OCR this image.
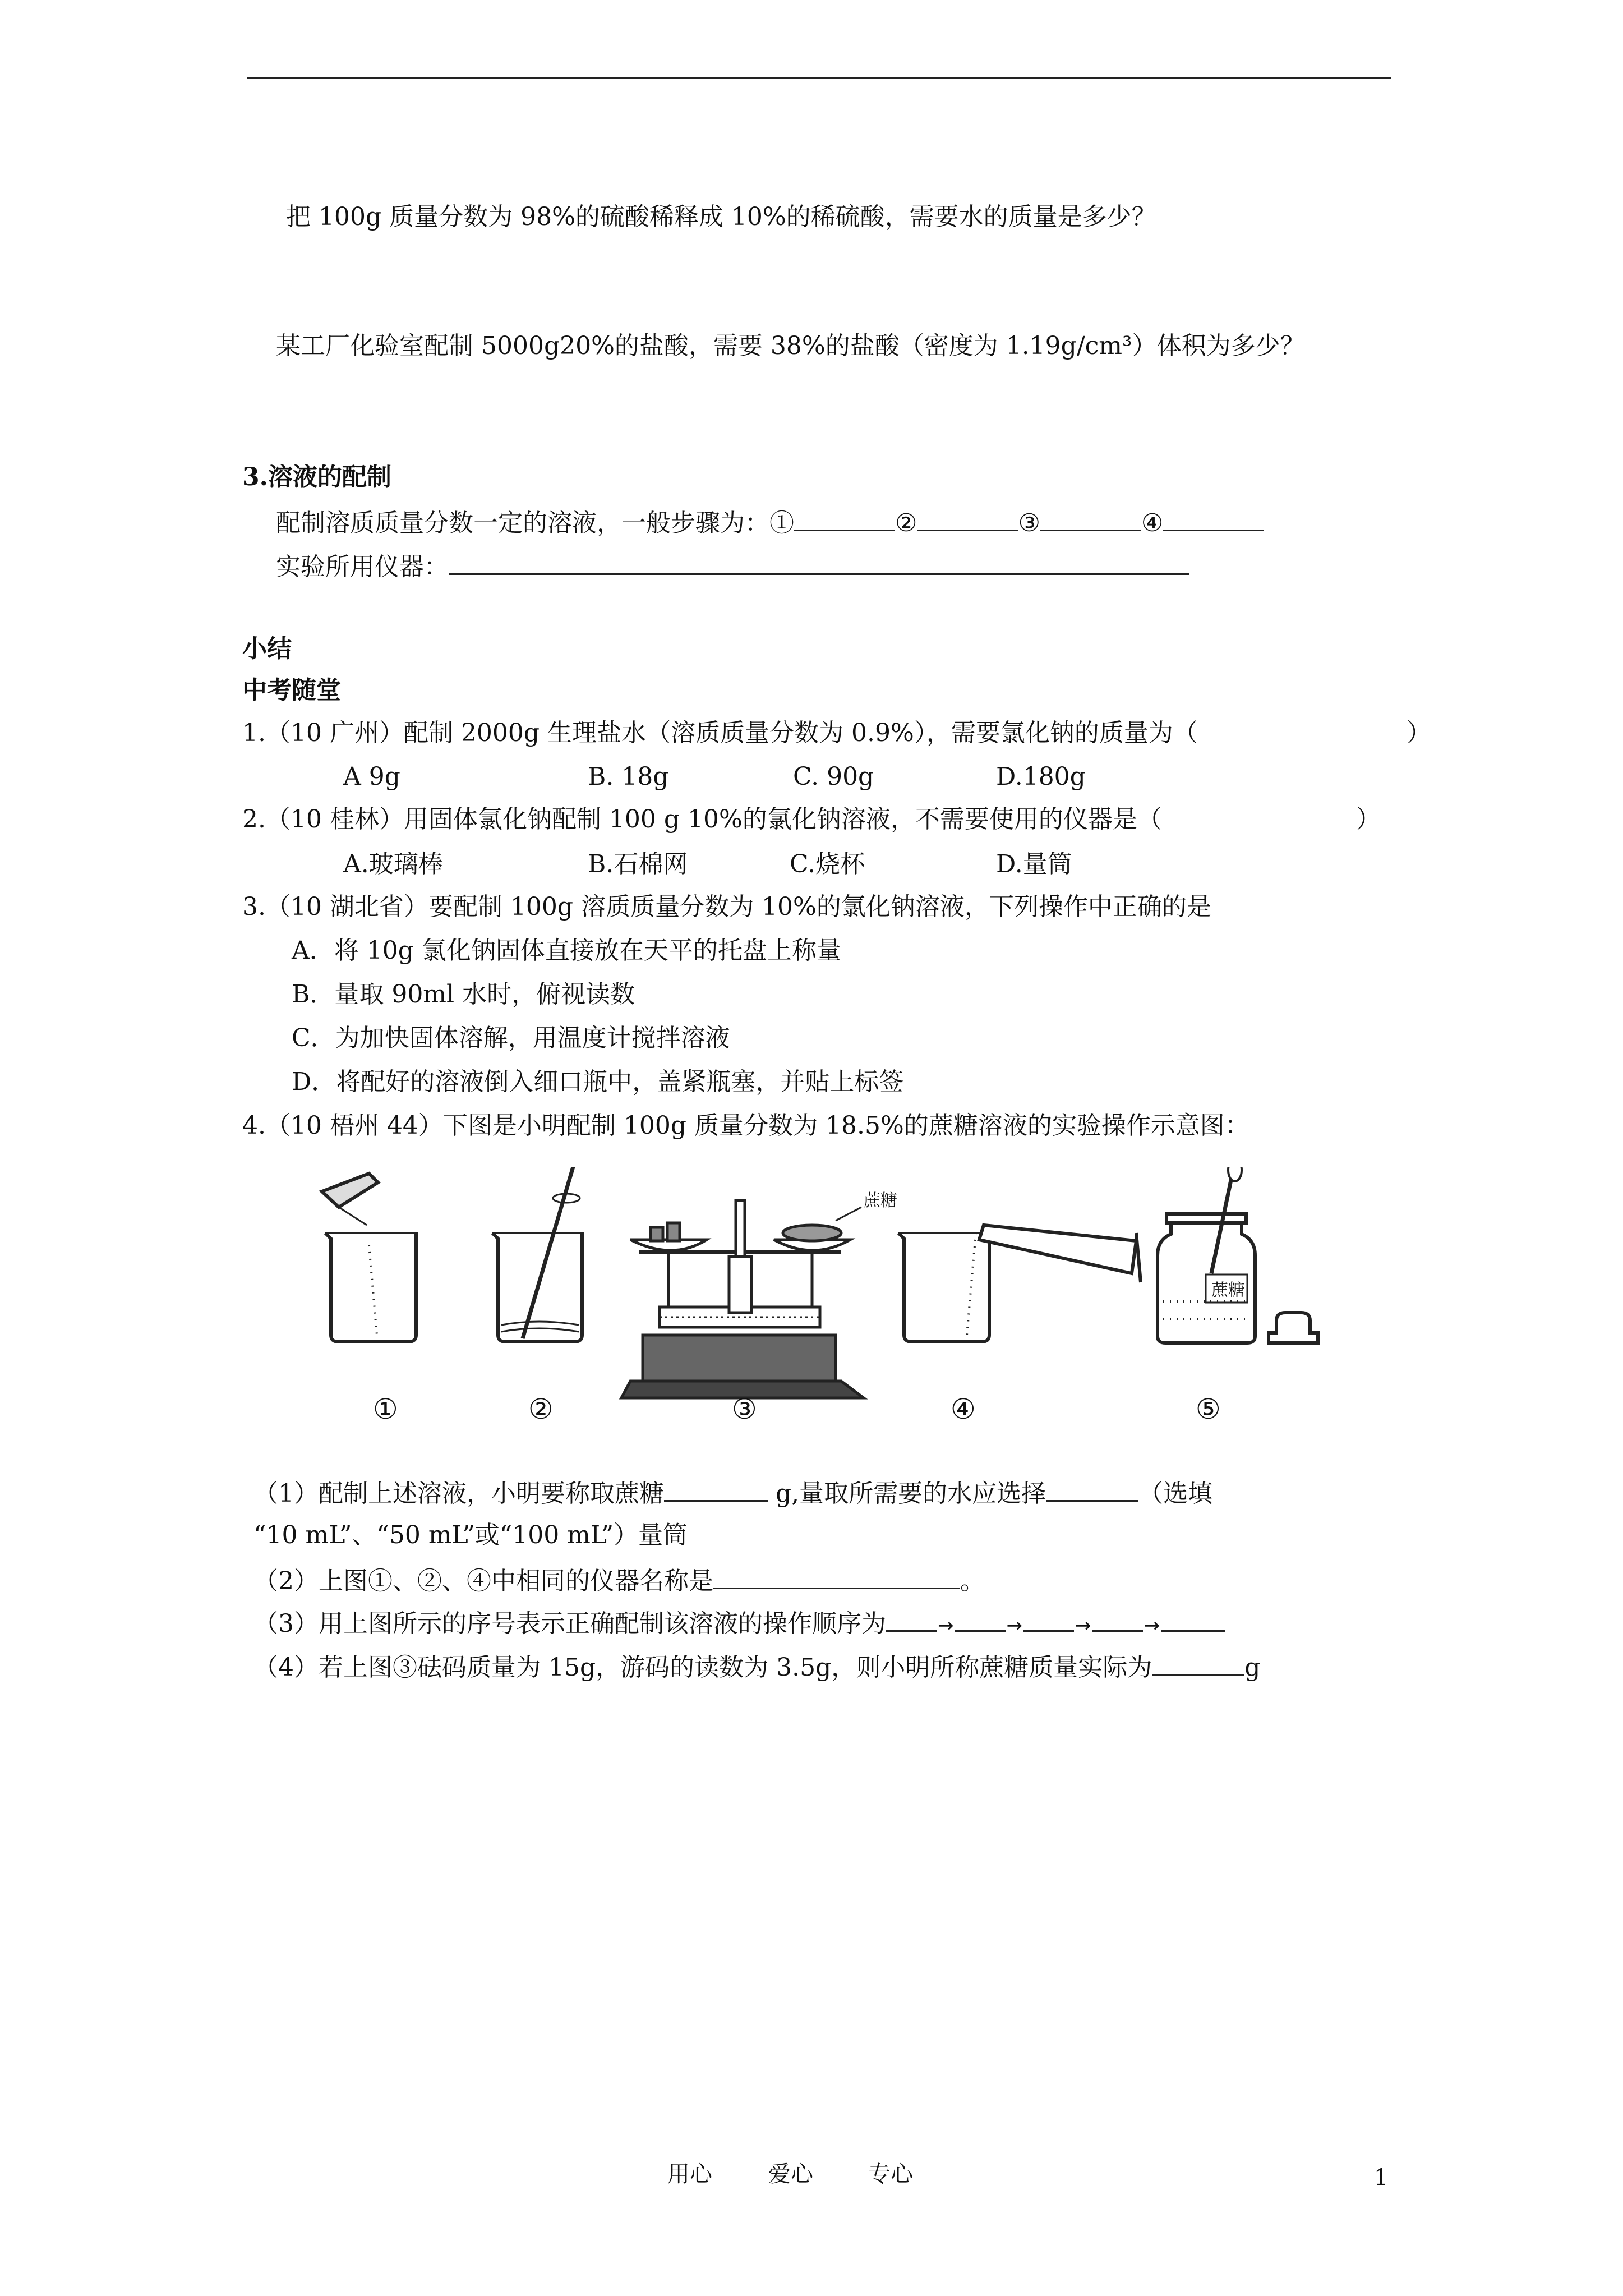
把 100g 质量分数为 98%的硫酸稀释成 10%的稀硫酸，需要水的质量是多少？
某工厂化验室配制 5000g20%的盐酸，需要 38%的盐酸（密度为 1.19g/cm³）体积为多少？
3.溶液的配制
配制溶质质量分数一定的溶液，一般步骤为：①	②	③	④
实验所用仪器：
小结
中考随堂
1.（10 广州）配制 2000g 生理盐水（溶质质量分数为 0.9%），需要氯化钠的质量为（	）
A 9g	B. 18g	C. 90g	D.180g
2.（10 桂林）用固体氯化钠配制 100 g 10%的氯化钠溶液，不需要使用的仪器是（	）
A.玻璃棒	B.石棉网	C.烧杯	D.量筒
3.（10 湖北省）要配制 100g 溶质质量分数为 10%的氯化钠溶液，下列操作中正确的是
A．将 10g 氯化钠固体直接放在天平的托盘上称量
B．量取 90ml 水时，俯视读数
C．为加快固体溶解，用温度计搅拌溶液
D．将配好的溶液倒入细口瓶中，盖紧瓶塞，并贴上标签
4.（10 梧州 44）下图是小明配制 100g 质量分数为 18.5%的蔗糖溶液的实验操作示意图：
蔗糖
蔗糖
①	②	③	④	⑤
（1）配制上述溶液，小明要称取蔗糖	g,量取所需要的水应选择	（选填
“10 mL”、“50 mL”或“100 mL”）量筒
（2）上图①、②、④中相同的仪器名称是	。
（3）用上图所示的序号表示正确配制该溶液的操作顺序为	→	→	→	→
（4）若上图③砝码质量为 15g，游码的读数为 3.5g，则小明所称蔗糖质量实际为	g
用心	爱心 专心	1
